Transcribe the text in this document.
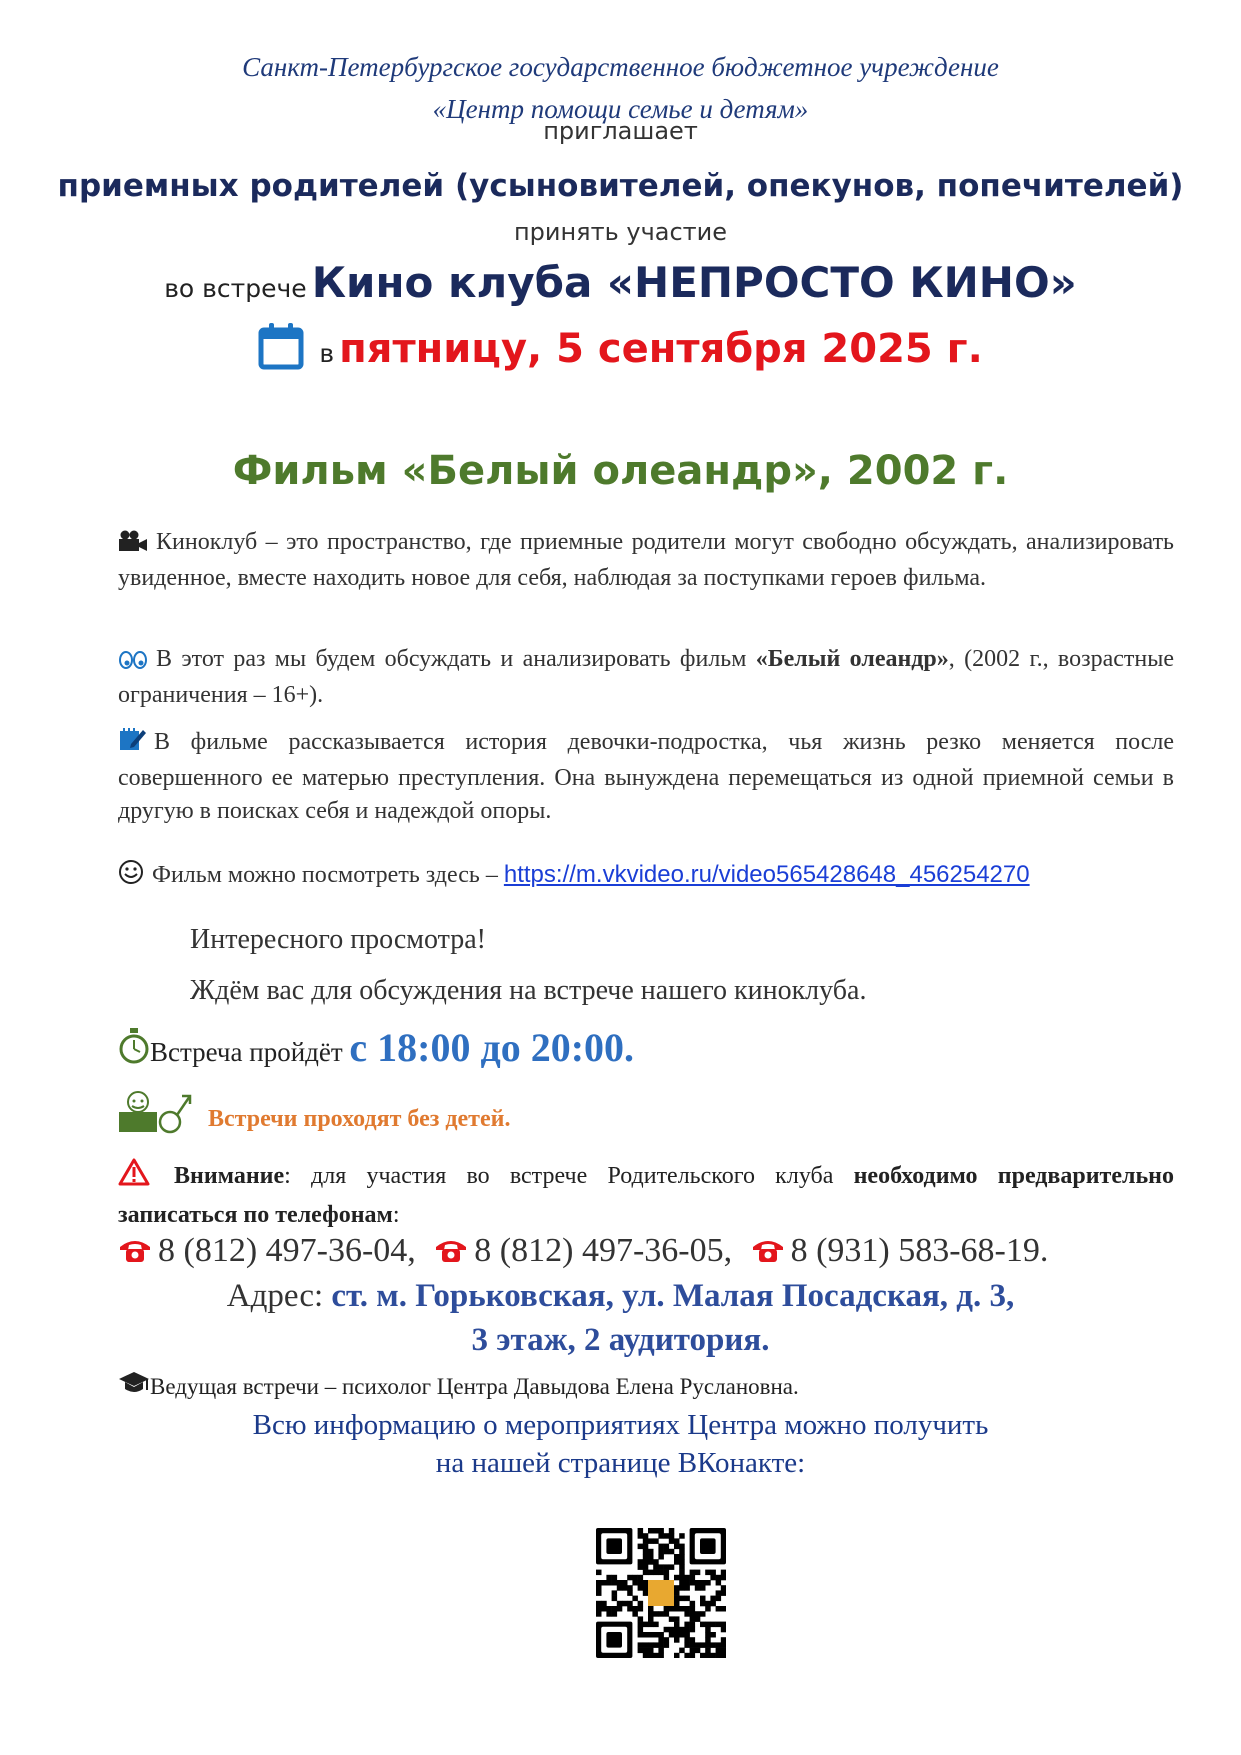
Санкт-Петербургское государственное бюджетное учреждение
«Центр помощи семье и детям»
приглашает
приемных родителей (усыновителей, опекунов, попечителей)
принять участие
во встрече Кино клуба «НЕПРОСТО КИНО»
в пятницу, 5 сентября 2025 г.
Фильм «Белый олеандр», 2002 г.
Киноклуб – это пространство, где приемные родители могут свободно обсуждать, анализировать увиденное, вместе находить новое для себя, наблюдая за поступками героев фильма.
В этот раз мы будем обсуждать и анализировать фильм «Белый олеандр», (2002 г., возрастные ограничения – 16+).
В фильме рассказывается история девочки-подростка, чья жизнь резко меняется после совершенного ее матерью преступления. Она вынуждена перемещаться из одной приемной семьи в другую в поисках себя и надеждой опоры.
Фильм можно посмотреть здесь – https://m.vkvideo.ru/video565428648_456254270
Интересного просмотра!
Ждём вас для обсуждения на встрече нашего киноклуба.
Встреча пройдёт с 18:00 до 20:00.
Встречи проходят без детей.
Внимание: для участия во встрече Родительского клуба необходимо предварительно записаться по телефонам:
8 (812) 497-36-04, 8 (812) 497-36-05, 8 (931) 583-68-19.
Адрес: ст. м. Горьковская, ул. Малая Посадская, д. 3,
3 этаж, 2 аудитория.
Ведущая встречи – психолог Центра Давыдова Елена Руслановна.
Всю информацию о мероприятиях Центра можно получить
на нашей странице ВКонакте:
